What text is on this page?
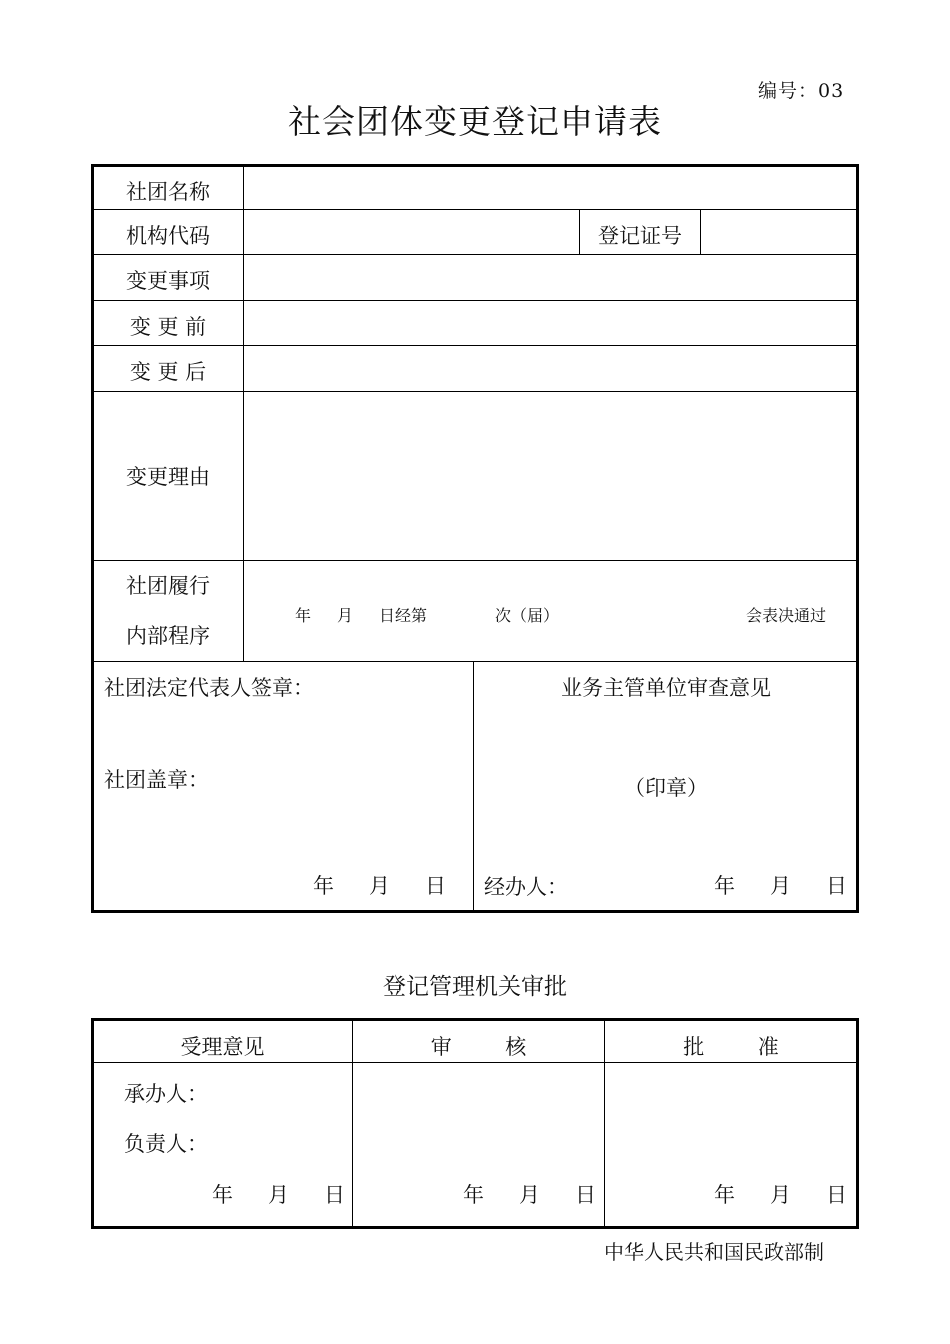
编号：03
社会团体变更登记申请表
社团名称
机构代码	登记证号
变更事项
变 更 前
变 更 后
变更理由
社团履行
内部程序
年 月 日经第	次（届）	会表决通过
社团法定代表人签章：
社团盖章：
年 月 日
业务主管单位审查意见
（印章）
经办人：	年 月 日
登记管理机关审批
受理意见	审        核	批        准
承办人：
负责人：
年 月 日	年 月 日	年 月 日
中华人民共和国民政部制
